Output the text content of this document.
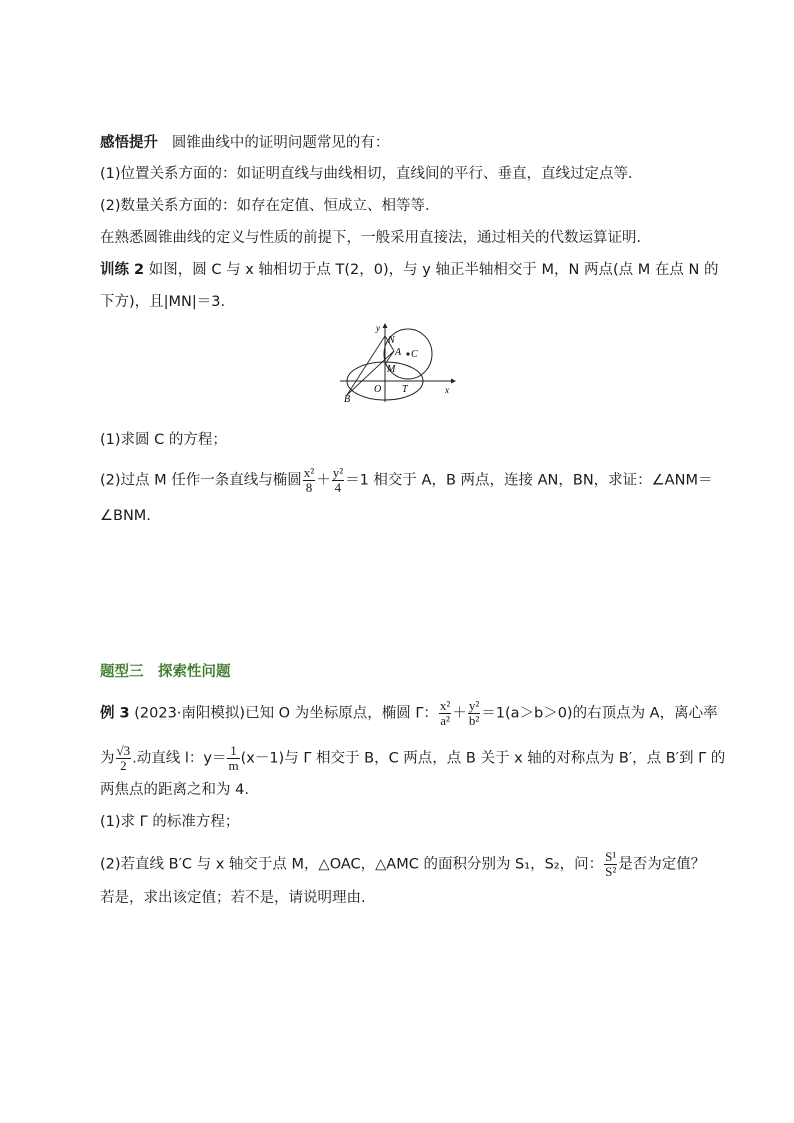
感悟提升 圆锥曲线中的证明问题常见的有：
(1)位置关系方面的：如证明直线与曲线相切，直线间的平行、垂直，直线过定点等．
(2)数量关系方面的：如存在定值、恒成立、相等等．
在熟悉圆锥曲线的定义与性质的前提下，一般采用直接法，通过相关的代数运算证明．
训练 2 如图，圆 C 与 x 轴相切于点 T(2，0)，与 y 轴正半轴相交于 M，N 两点(点 M 在点 N 的
下方)，且|MN|＝3.
y
x
N
A C
M
O T
B
(1)求圆 C 的方程；
(2)过点 M 任作一条直线与椭圆 $\frac{\text{x²}}{8} + \frac{\text{y²}}{4} =1$ 相交于 A，B 两点，连接 AN，BN，求证：∠ANM＝
∠BNM.
题型三　探索性问题
例 3 (2023·南阳模拟)已知 O 为坐标原点，椭圆 Γ： $\frac{\text{x²}}{\text{a²}} + \frac{\text{y²}}{\text{b²}} =1(a>b>0)$的右顶点为 A，离心率
为 $\frac{√3}{2}$ .动直线 l：$y= \frac{1}{m} (x-1)$与 Γ 相交于 B，C 两点，点 B 关于 x 轴的对称点为 B′，点 B′到 Γ 的
两焦点的距离之和为 4.
(1)求 Γ 的标准方程；
(2)若直线 B′C 与 x 轴交于点 M，△OAC，△AMC 的面积分别为 S₁，S₂，问： $\frac{\text{S¹}}{\text{S²}}$ 是否为定值？
若是，求出该定值；若不是，请说明理由.
